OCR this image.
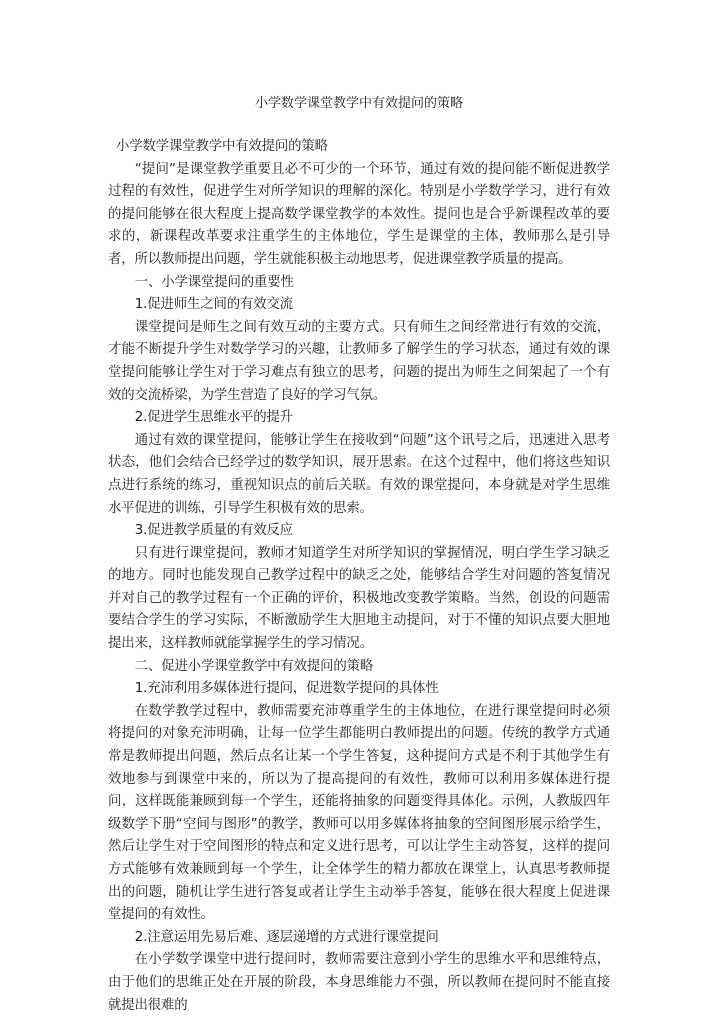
小学数学课堂教学中有效提问的策略

小学数学课堂教学中有效提问的策略

“提问”是课堂教学重要且必不可少的一个环节，通过有效的提问能不断促进教学过程的有效性，促进学生对所学知识的理解的深化。特别是小学数学学习，进行有效的提问能够在很大程度上提高数学课堂教学的本效性。提问也是合乎新课程改革的要求的，新课程改革要求注重学生的主体地位，学生是课堂的主体，教师那么是引导者，所以教师提出问题，学生就能积极主动地思考，促进课堂教学质量的提高。

一、小学课堂提问的重要性

1.促进师生之间的有效交流

课堂提问是师生之间有效互动的主要方式。只有师生之间经常进行有效的交流，才能不断提升学生对数学学习的兴趣，让教师多了解学生的学习状态，通过有效的课堂提问能够让学生对于学习难点有独立的思考，问题的提出为师生之间架起了一个有效的交流桥梁，为学生营造了良好的学习气氛。

2.促进学生思维水平的提升

通过有效的课堂提问，能够让学生在接收到“问题”这个讯号之后，迅速进入思考状态，他们会结合已经学过的数学知识，展开思索。在这个过程中，他们将这些知识点进行系统的练习，重视知识点的前后关联。有效的课堂提问，本身就是对学生思维水平促进的训练，引导学生积极有效的思索。

3.促进教学质量的有效反应

只有进行课堂提问，教师才知道学生对所学知识的掌握情况，明白学生学习缺乏的地方。同时也能发现自己教学过程中的缺乏之处，能够结合学生对问题的答复情况并对自己的教学过程有一个正确的评价，积极地改变教学策略。当然，创设的问题需要结合学生的学习实际，不断激励学生大胆地主动提问，对于不懂的知识点要大胆地提出来，这样教师就能掌握学生的学习情况。

二、促进小学课堂教学中有效提问的策略

1.充沛利用多媒体进行提问，促进数学提问的具体性

在数学教学过程中，教师需要充沛尊重学生的主体地位，在进行课堂提问时必须将提问的对象充沛明确，让每一位学生都能明白教师提出的问题。传统的教学方式通常是教师提出问题，然后点名让某一个学生答复，这种提问方式是不利于其他学生有效地参与到课堂中来的，所以为了提高提问的有效性，教师可以利用多媒体进行提问，这样既能兼顾到每一个学生，还能将抽象的问题变得具体化。示例，人教版四年级数学下册“空间与图形”的教学，教师可以用多媒体将抽象的空间图形展示给学生，然后让学生对于空间图形的特点和定义进行思考，可以让学生主动答复，这样的提问方式能够有效兼顾到每一个学生，让全体学生的精力都放在课堂上，认真思考教师提出的问题，随机让学生进行答复或者让学生主动举手答复，能够在很大程度上促进课堂提问的有效性。

2.注意运用先易后难、逐层递增的方式进行课堂提问

在小学数学课堂中进行提问时，教师需要注意到小学生的思维水平和思维特点，由于他们的思维正处在开展的阶段，本身思维能力不强，所以教师在提问时不能直接就提出很难的
